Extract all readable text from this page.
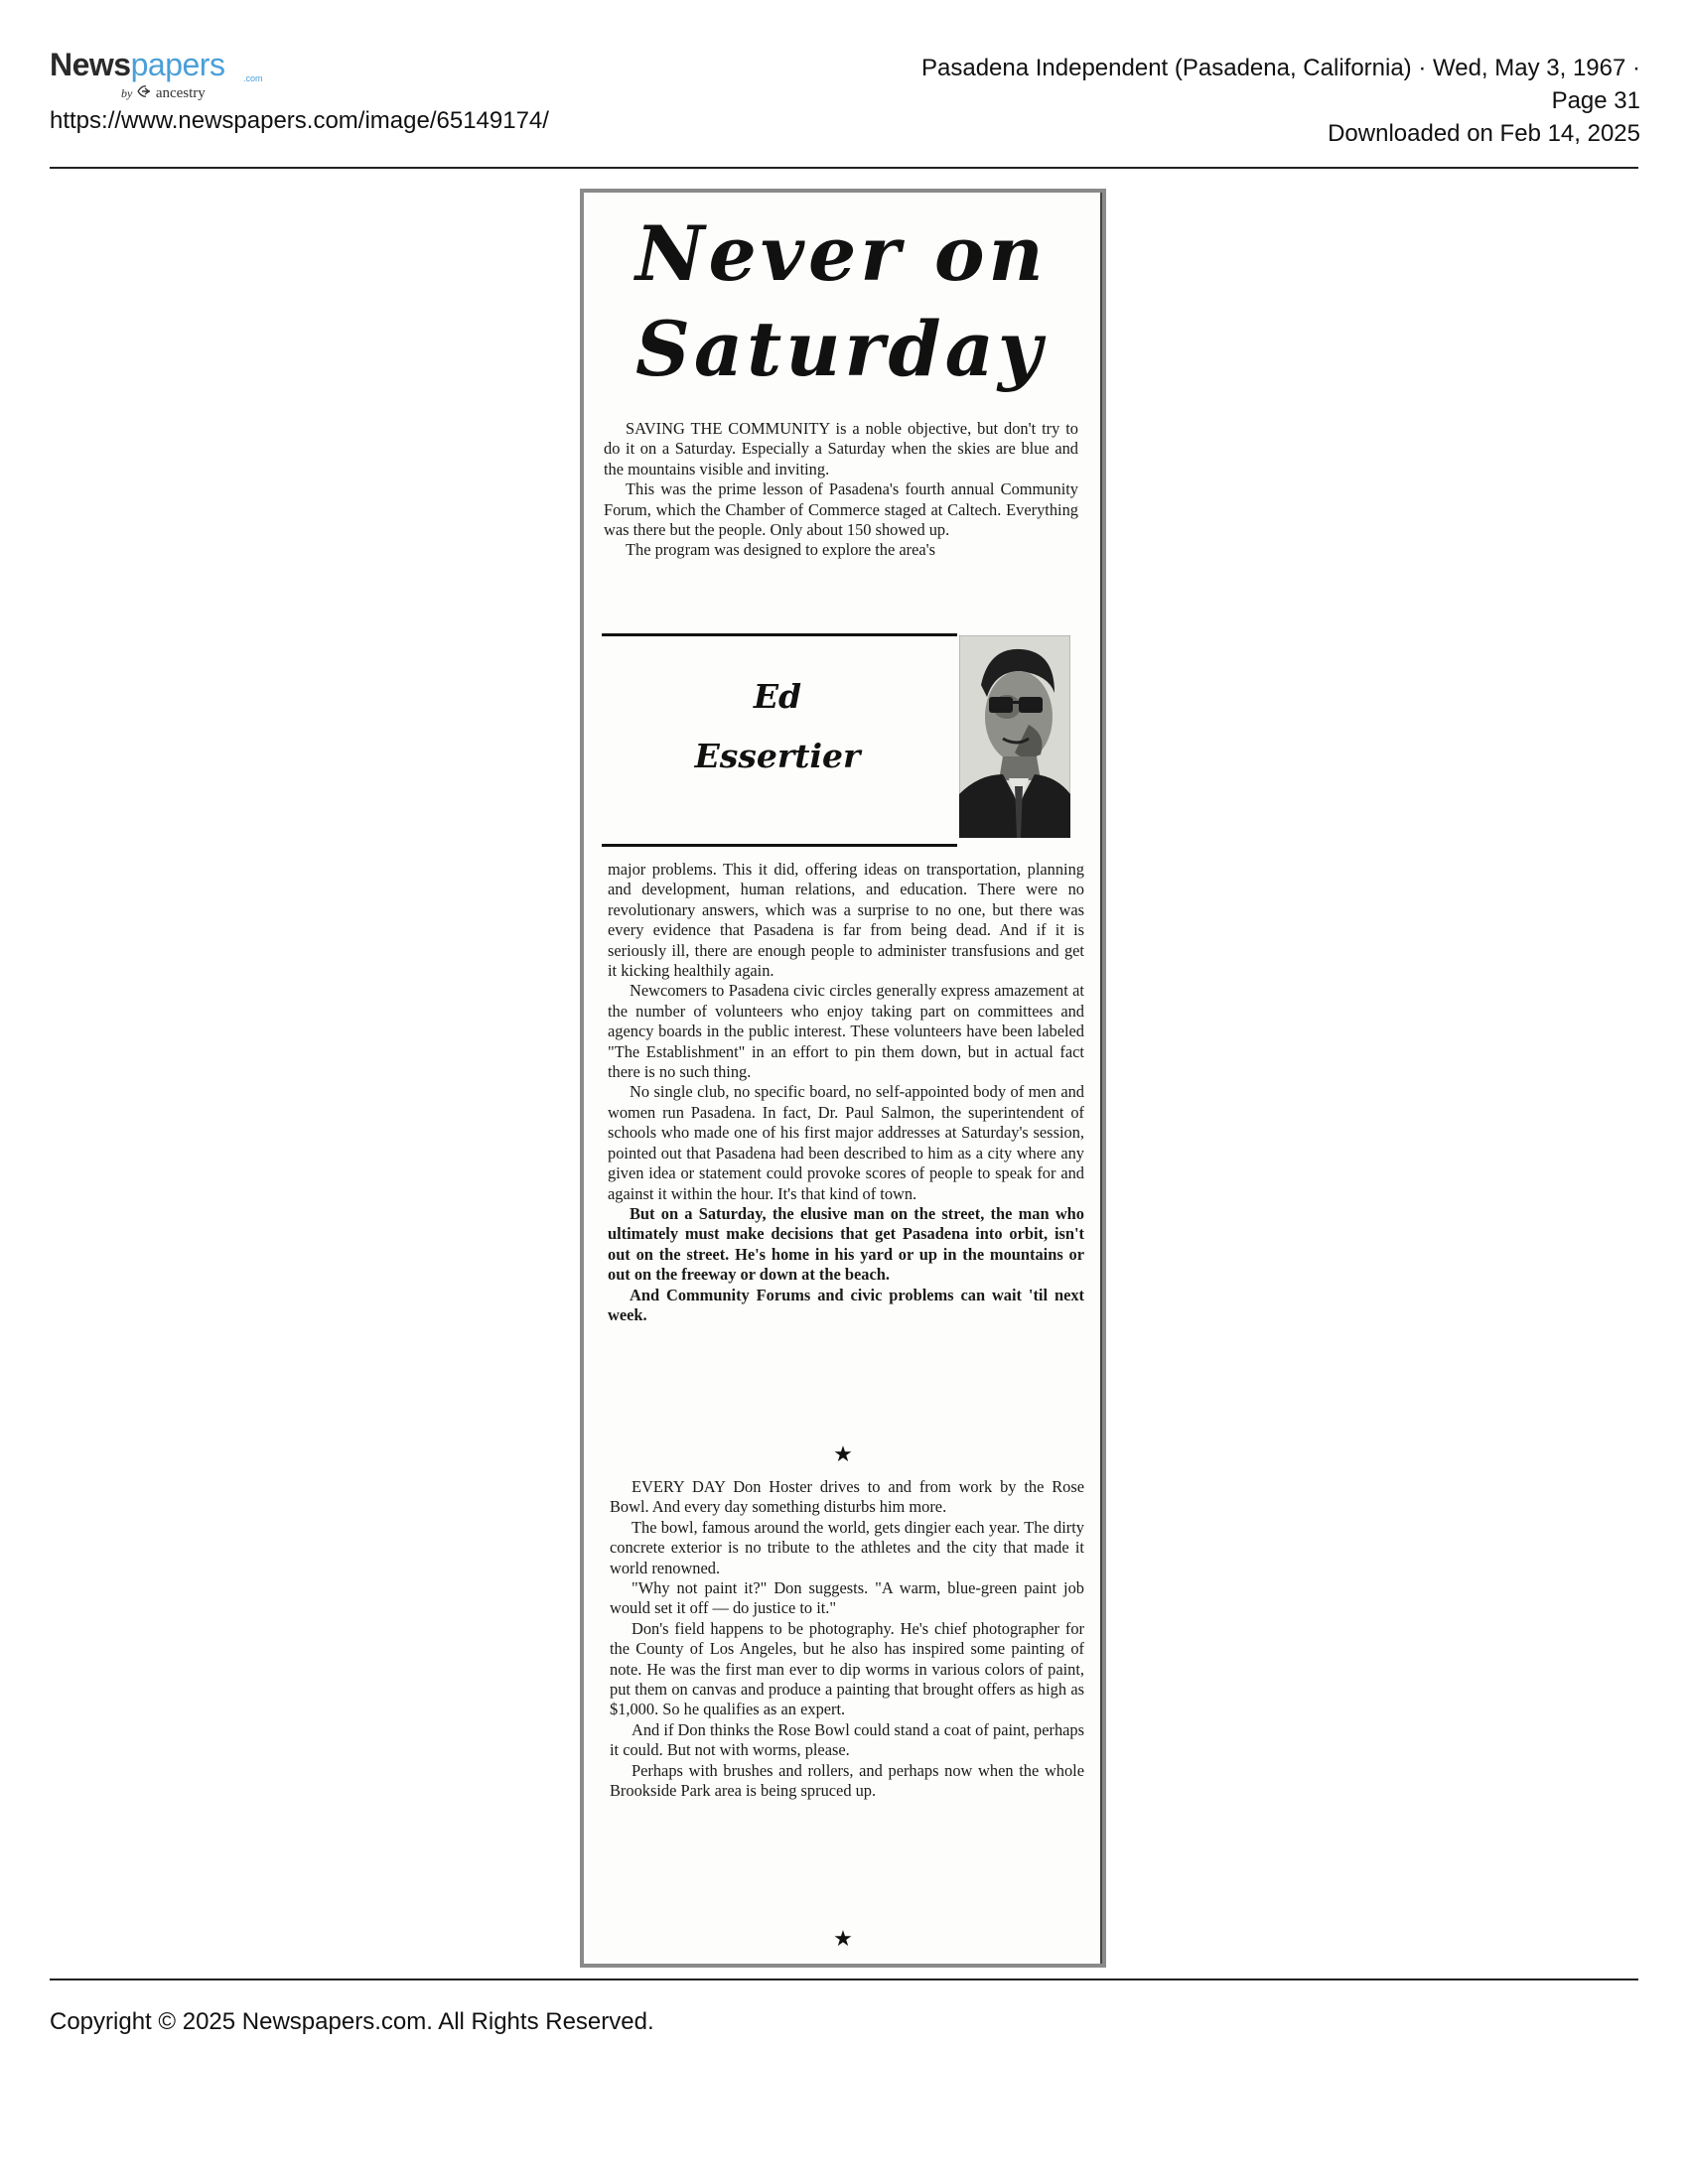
Newspapers	.com
by ancestry
https://www.newspapers.com/image/65149174/
Pasadena Independent (Pasadena, California) · Wed, May 3, 1967 ·
Page 31
Downloaded on Feb 14, 2025
Never on
Saturday

SAVING THE COMMUNITY is a noble objective, but don't try to do it on a Saturday. Especially a Saturday when the skies are blue and the mountains visible and inviting.

This was the prime lesson of Pasadena's fourth annual Community Forum, which the Chamber of Commerce staged at Caltech. Everything was there but the people. Only about 150 showed up.

The program was designed to explore the area's

Ed
Essertier

major problems. This it did, offering ideas on transportation, planning and development, human relations, and education. There were no revolutionary answers, which was a surprise to no one, but there was every evidence that Pasadena is far from being dead. And if it is seriously ill, there are enough people to administer transfusions and get it kicking healthily again.

Newcomers to Pasadena civic circles generally express amazement at the number of volunteers who enjoy taking part on committees and agency boards in the public interest. These volunteers have been labeled "The Establishment" in an effort to pin them down, but in actual fact there is no such thing.

No single club, no specific board, no self-appointed body of men and women run Pasadena. In fact, Dr. Paul Salmon, the superintendent of schools who made one of his first major addresses at Saturday's session, pointed out that Pasadena had been described to him as a city where any given idea or statement could provoke scores of people to speak for and against it within the hour. It's that kind of town.

But on a Saturday, the elusive man on the street, the man who ultimately must make decisions that get Pasadena into orbit, isn't out on the street. He's home in his yard or up in the mountains or out on the freeway or down at the beach.

And Community Forums and civic problems can wait 'til next week.

★

EVERY DAY Don Hoster drives to and from work by the Rose Bowl. And every day something disturbs him more.

The bowl, famous around the world, gets dingier each year. The dirty concrete exterior is no tribute to the athletes and the city that made it world renowned.

"Why not paint it?" Don suggests. "A warm, blue-green paint job would set it off — do justice to it."

Don's field happens to be photography. He's chief photographer for the County of Los Angeles, but he also has inspired some painting of note. He was the first man ever to dip worms in various colors of paint, put them on canvas and produce a painting that brought offers as high as $1,000. So he qualifies as an expert.

And if Don thinks the Rose Bowl could stand a coat of paint, perhaps it could. But not with worms, please.

Perhaps with brushes and rollers, and perhaps now when the whole Brookside Park area is being spruced up.

★
Copyright © 2025 Newspapers.com. All Rights Reserved.
